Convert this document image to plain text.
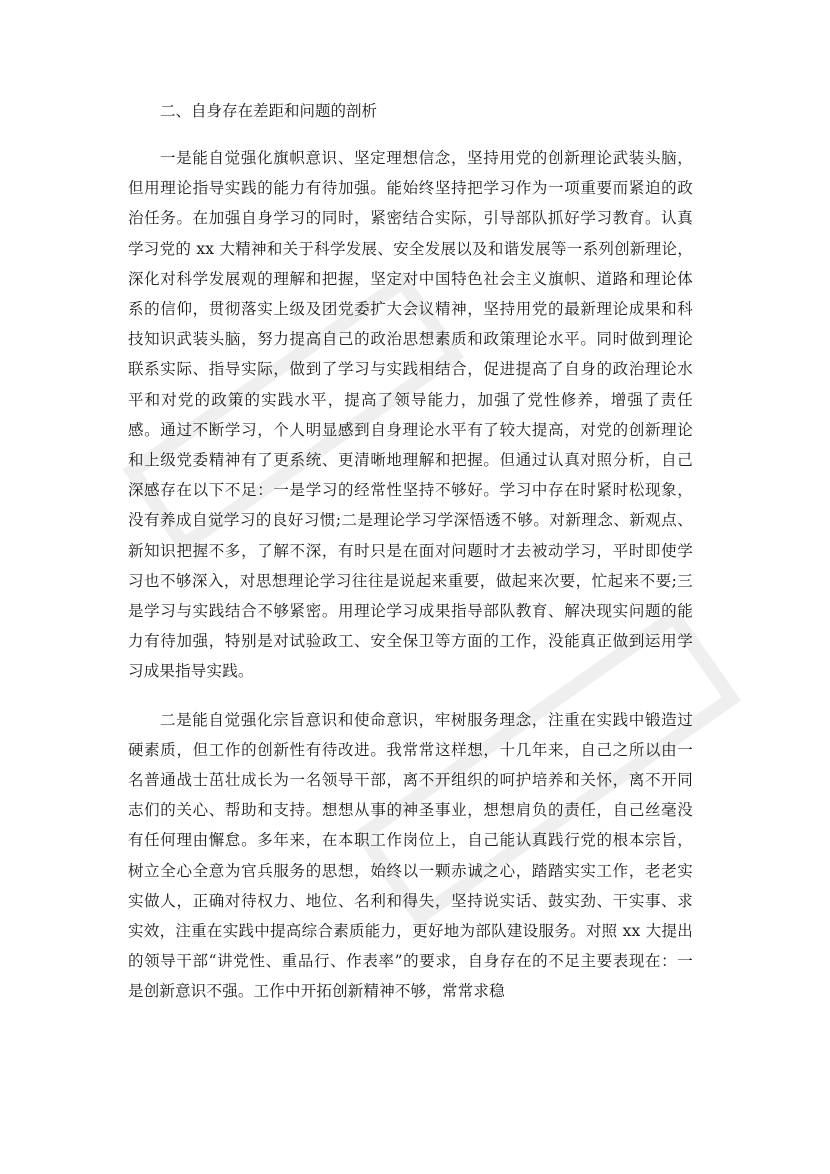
二、自身存在差距和问题的剖析

一是能自觉强化旗帜意识、坚定理想信念，坚持用党的创新理论武装头脑，但用理论指导实践的能力有待加强。能始终坚持把学习作为一项重要而紧迫的政治任务。在加强自身学习的同时，紧密结合实际，引导部队抓好学习教育。认真学习党的 xx 大精神和关于科学发展、安全发展以及和谐发展等一系列创新理论，深化对科学发展观的理解和把握，坚定对中国特色社会主义旗帜、道路和理论体系的信仰，贯彻落实上级及团党委扩大会议精神，坚持用党的最新理论成果和科技知识武装头脑，努力提高自己的政治思想素质和政策理论水平。同时做到理论联系实际、指导实际，做到了学习与实践相结合，促进提高了自身的政治理论水平和对党的政策的实践水平，提高了领导能力，加强了党性修养，增强了责任感。通过不断学习，个人明显感到自身理论水平有了较大提高，对党的创新理论和上级党委精神有了更系统、更清晰地理解和把握。但通过认真对照分析，自己深感存在以下不足：一是学习的经常性坚持不够好。学习中存在时紧时松现象，没有养成自觉学习的良好习惯;二是理论学习学深悟透不够。对新理念、新观点、新知识把握不多，了解不深，有时只是在面对问题时才去被动学习，平时即使学习也不够深入，对思想理论学习往往是说起来重要，做起来次要，忙起来不要;三是学习与实践结合不够紧密。用理论学习成果指导部队教育、解决现实问题的能力有待加强，特别是对试验政工、安全保卫等方面的工作，没能真正做到运用学习成果指导实践。

二是能自觉强化宗旨意识和使命意识，牢树服务理念，注重在实践中锻造过硬素质，但工作的创新性有待改进。我常常这样想，十几年来，自己之所以由一名普通战士茁壮成长为一名领导干部，离不开组织的呵护培养和关怀，离不开同志们的关心、帮助和支持。想想从事的神圣事业，想想肩负的责任，自己丝毫没有任何理由懈怠。多年来，在本职工作岗位上，自己能认真践行党的根本宗旨，树立全心全意为官兵服务的思想，始终以一颗赤诚之心，踏踏实实工作，老老实实做人，正确对待权力、地位、名利和得失，坚持说实话、鼓实劲、干实事、求实效，注重在实践中提高综合素质能力，更好地为部队建设服务。对照 xx 大提出的领导干部“讲党性、重品行、作表率”的要求，自身存在的不足主要表现在：一是创新意识不强。工作中开拓创新精神不够，常常求稳
